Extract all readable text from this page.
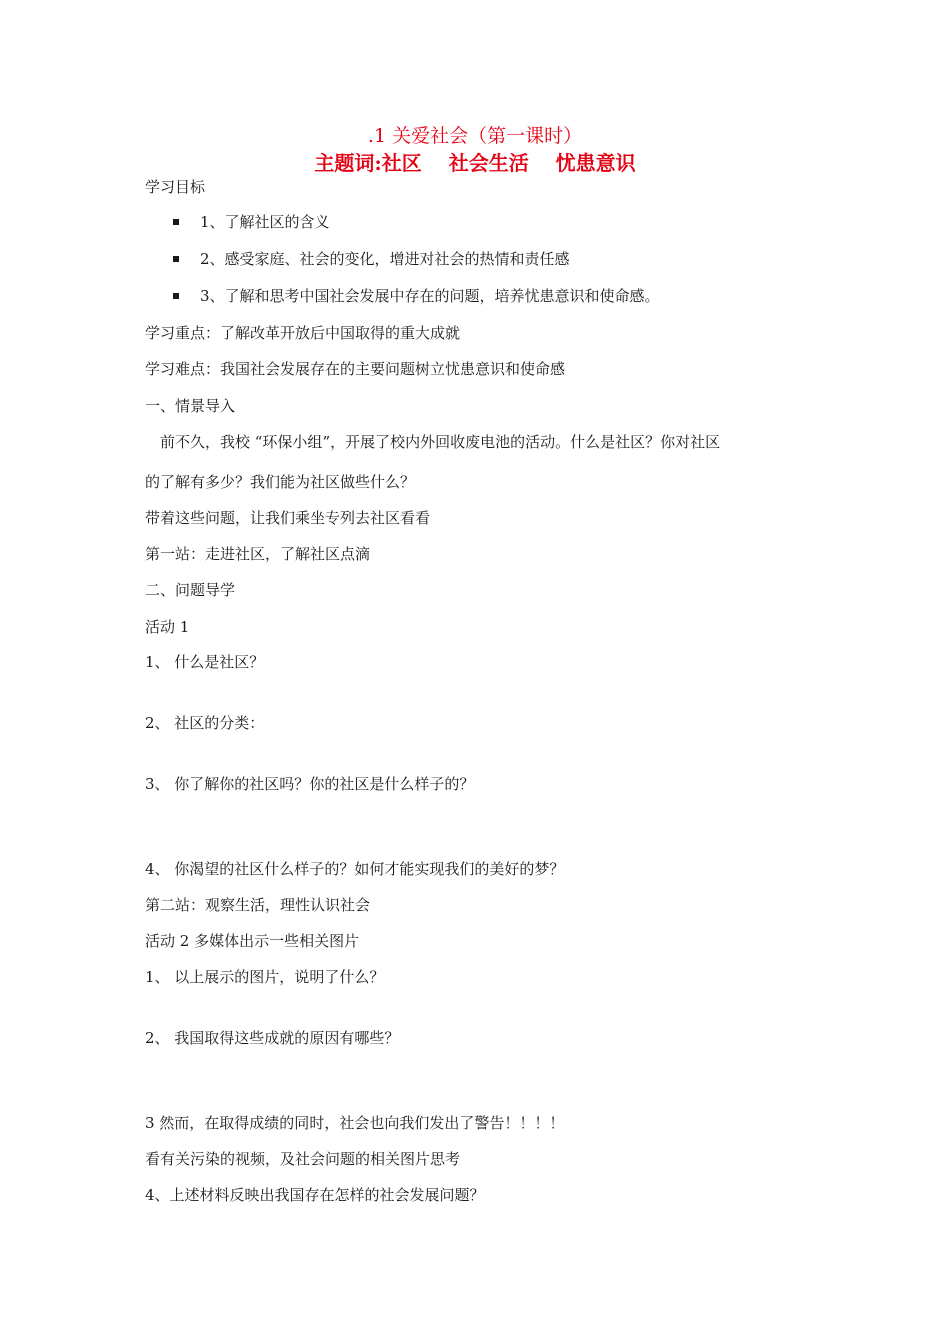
.1 关爱社会（第一课时）
主题词:社区　 社会生活　 忧患意识
学习目标
1、了解社区的含义
2、感受家庭、社会的变化，增进对社会的热情和责任感
3、了解和思考中国社会发展中存在的问题，培养忧患意识和使命感。
学习重点：了解改革开放后中国取得的重大成就
学习难点：我国社会发展存在的主要问题树立忧患意识和使命感
一、情景导入
前不久，我校 “环保小组”，开展了校内外回收废电池的活动。什么是社区？你对社区
的了解有多少？我们能为社区做些什么？
带着这些问题，让我们乘坐专列去社区看看
第一站：走进社区，了解社区点滴
二、问题导学
活动 1
1、 什么是社区？
2、 社区的分类：
3、 你了解你的社区吗？你的社区是什么样子的？
4、 你渴望的社区什么样子的？如何才能实现我们的美好的梦？
第二站：观察生活，理性认识社会
活动 2 多媒体出示一些相关图片
1、 以上展示的图片，说明了什么？
2、 我国取得这些成就的原因有哪些？
3 然而，在取得成绩的同时，社会也向我们发出了警告！！！！
看有关污染的视频，及社会问题的相关图片思考
4、上述材料反映出我国存在怎样的社会发展问题？
